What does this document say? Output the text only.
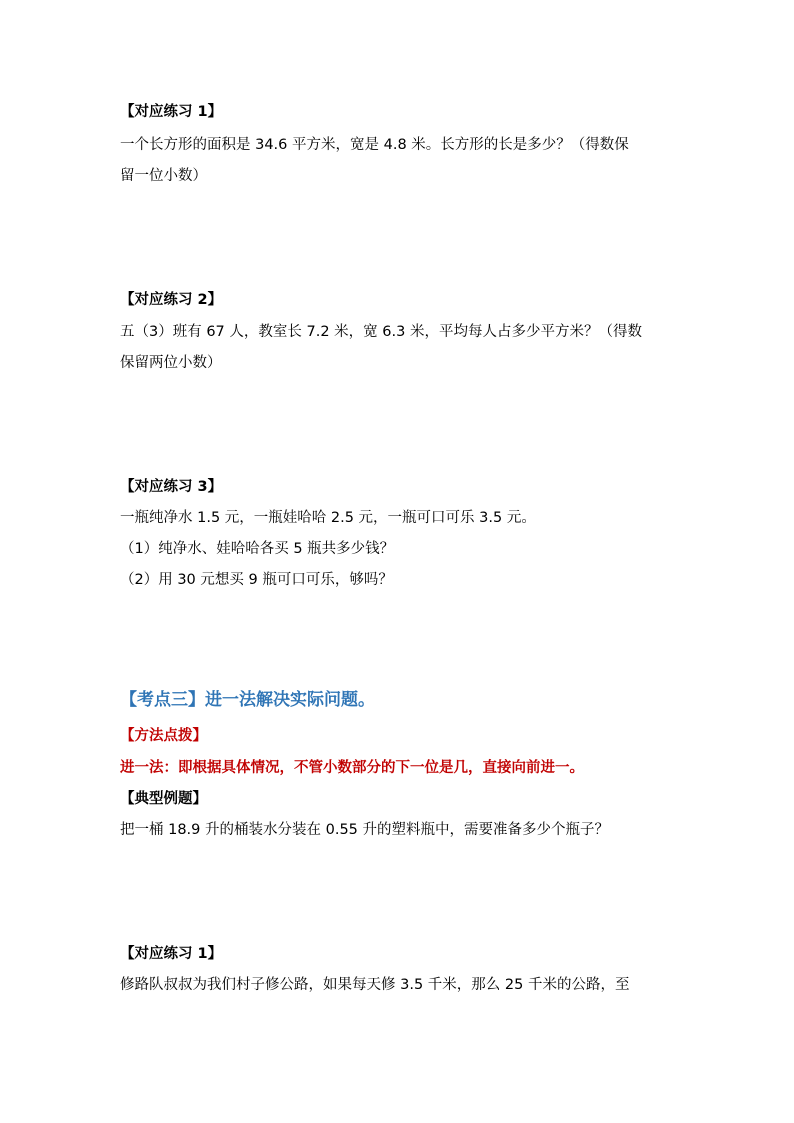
【对应练习 1】
一个长方形的面积是 34.6 平方米，宽是 4.8 米。长方形的长是多少？（得数保
留一位小数）
【对应练习 2】
五（3）班有 67 人，教室长 7.2 米，宽 6.3 米，平均每人占多少平方米？（得数
保留两位小数）
【对应练习 3】
一瓶纯净水 1.5 元，一瓶娃哈哈 2.5 元，一瓶可口可乐 3.5 元。
（1）纯净水、娃哈哈各买 5 瓶共多少钱？
（2）用 30 元想买 9 瓶可口可乐，够吗？
【考点三】进一法解决实际问题。
【方法点拨】
进一法：即根据具体情况，不管小数部分的下一位是几，直接向前进一。
【典型例题】
把一桶 18.9 升的桶装水分装在 0.55 升的塑料瓶中，需要准备多少个瓶子？
【对应练习 1】
修路队叔叔为我们村子修公路，如果每天修 3.5 千米，那么 25 千米的公路，至
